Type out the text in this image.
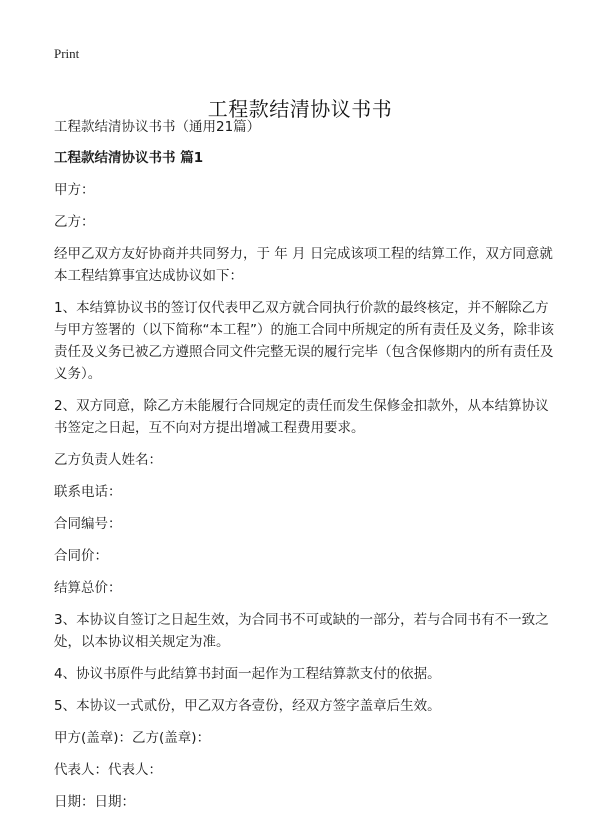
Print
工程款结清协议书书

工程款结清协议书书（通用21篇）

工程款结清协议书书 篇1

甲方：

乙方：

经甲乙双方友好协商并共同努力，于 年 月 日完成该项工程的结算工作，双方同意就本工程结算事宜达成协议如下：

1、本结算协议书的签订仅代表甲乙双方就合同执行价款的最终核定，并不解除乙方与甲方签署的（以下简称“本工程”）的施工合同中所规定的所有责任及义务，除非该责任及义务已被乙方遵照合同文件完整无误的履行完毕（包含保修期内的所有责任及义务）。

2、双方同意，除乙方未能履行合同规定的责任而发生保修金扣款外，从本结算协议书签定之日起，互不向对方提出增减工程费用要求。

乙方负责人姓名：

联系电话：

合同编号：

合同价：

结算总价：

3、本协议自签订之日起生效，为合同书不可或缺的一部分，若与合同书有不一致之处，以本协议相关规定为准。

4、协议书原件与此结算书封面一起作为工程结算款支付的依据。

5、本协议一式贰份，甲乙双方各壹份，经双方签字盖章后生效。

甲方(盖章)：乙方(盖章)：

代表人：代表人：

日期：日期：
